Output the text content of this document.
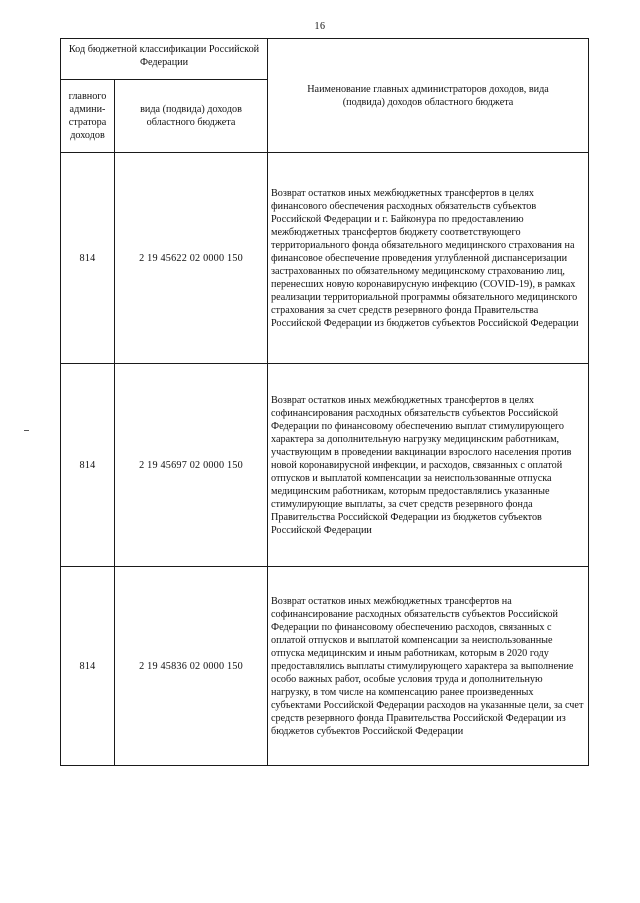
16
Код бюджетной классификации Российской Федерации		Наименование главных администраторов доходов, вида (подвида) доходов областного бюджета
главного админи-стратора доходов	вида (подвида) доходов областного бюджета	
814	2 19 45622 02 0000 150	Возврат остатков иных межбюджетных трансфертов в целях финансового обеспечения расходных обязательств субъектов Российской Федерации и г. Байконура по предоставлению межбюджетных трансфертов бюджету соответствующего территориального фонда обязательного медицинского страхования на финансовое обеспечение проведения углубленной диспансеризации застрахованных по обязательному медицинскому страхованию лиц, перенесших новую коронавирусную инфекцию (COVID-19), в рамках реализации территориальной программы обязательного медицинского страхования за счет средств резервного фонда Правительства Российской Федерации из бюджетов субъектов Российской Федерации
814	2 19 45697 02 0000 150	Возврат остатков иных межбюджетных трансфертов в целях софинансирования расходных обязательств субъектов Российской Федерации по финансовому обеспечению выплат стимулирующего характера за дополнительную нагрузку медицинским работникам, участвующим в проведении вакцинации взрослого населения против новой коронавирусной инфекции, и расходов, связанных с оплатой отпусков и выплатой компенсации за неиспользованные отпуска медицинским работникам, которым предоставлялись указанные стимулирующие выплаты, за счет средств резервного фонда Правительства Российской Федерации из бюджетов субъектов Российской Федерации
814	2 19 45836 02 0000 150	Возврат остатков иных межбюджетных трансфертов на софинансирование расходных обязательств субъектов Российской Федерации по финансовому обеспечению расходов, связанных с оплатой отпусков и выплатой компенсации за неиспользованные отпуска медицинским и иным работникам, которым в 2020 году предоставлялись выплаты стимулирующего характера за выполнение особо важных работ, особые условия труда и дополнительную нагрузку, в том числе на компенсацию ранее произведенных субъектами Российской Федерации расходов на указанные цели, за счет средств резервного фонда Правительства Российской Федерации из бюджетов субъектов Российской Федерации
